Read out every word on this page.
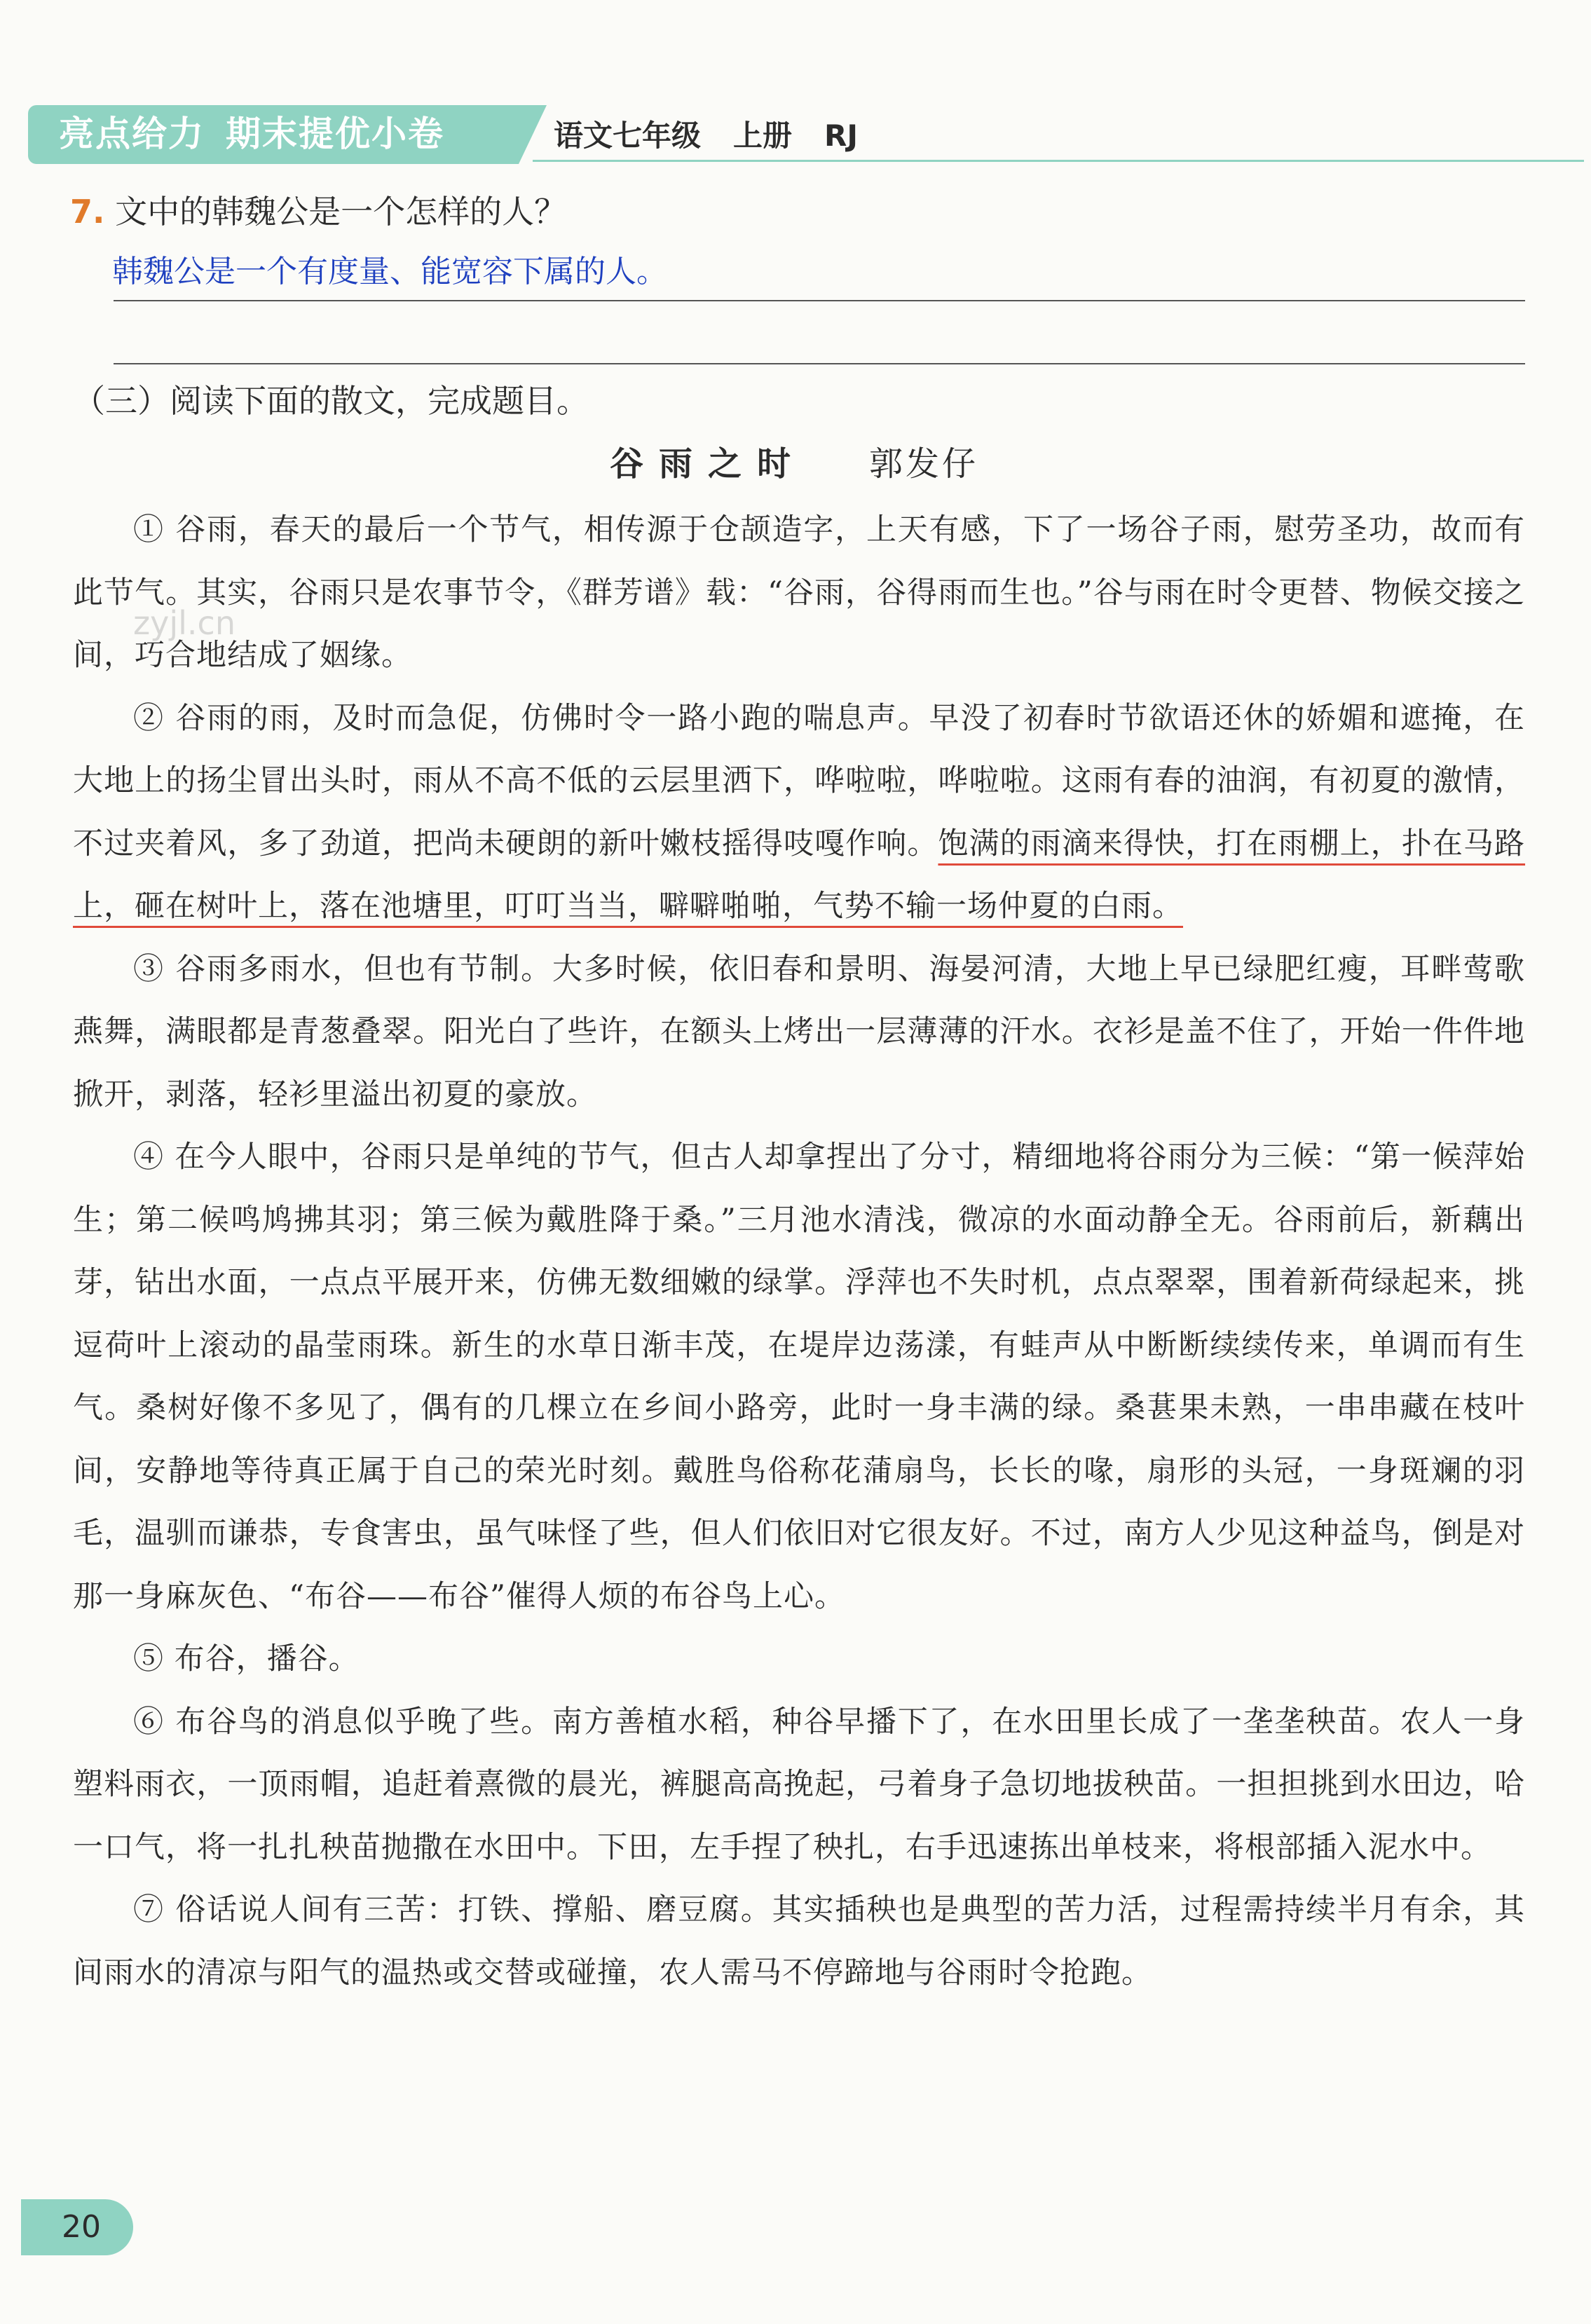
亮点给力 期末提优小卷	语文七年级 上册 RJ
7. 文中的韩魏公是一个怎样的人？
韩魏公是一个有度量、能宽容下属的人。
（三）阅读下面的散文，完成题目。
谷雨之时 郭发仔
zyjl.cn

① 谷雨，春天的最后一个节气，相传源于仓颉造字，上天有感，下了一场谷子雨，慰劳圣功，故而有此节气。其实，谷雨只是农事节令，《群芳谱》载：“谷雨，谷得雨而生也。”谷与雨在时令更替、物候交接之间，巧合地结成了姻缘。

② 谷雨的雨，及时而急促，仿佛时令一路小跑的喘息声。早没了初春时节欲语还休的娇媚和遮掩，在大地上的扬尘冒出头时，雨从不高不低的云层里洒下，哗啦啦，哗啦啦。这雨有春的油润，有初夏的激情，不过夹着风，多了劲道，把尚未硬朗的新叶嫩枝摇得吱嘎作响。饱满的雨滴来得快，打在雨棚上，扑在马路上，砸在树叶上，落在池塘里，叮叮当当，噼噼啪啪，气势不输一场仲夏的白雨。

③ 谷雨多雨水，但也有节制。大多时候，依旧春和景明、海晏河清，大地上早已绿肥红瘦，耳畔莺歌燕舞，满眼都是青葱叠翠。阳光白了些许，在额头上烤出一层薄薄的汗水。衣衫是盖不住了，开始一件件地掀开，剥落，轻衫里溢出初夏的豪放。

④ 在今人眼中，谷雨只是单纯的节气，但古人却拿捏出了分寸，精细地将谷雨分为三候：“第一候萍始生；第二候鸣鸠拂其羽；第三候为戴胜降于桑。”三月池水清浅，微凉的水面动静全无。谷雨前后，新藕出芽，钻出水面，一点点平展开来，仿佛无数细嫩的绿掌。浮萍也不失时机，点点翠翠，围着新荷绿起来，挑逗荷叶上滚动的晶莹雨珠。新生的水草日渐丰茂，在堤岸边荡漾，有蛙声从中断断续续传来，单调而有生气。桑树好像不多见了，偶有的几棵立在乡间小路旁，此时一身丰满的绿。桑葚果未熟，一串串藏在枝叶间，安静地等待真正属于自己的荣光时刻。戴胜鸟俗称花蒲扇鸟，长长的喙，扇形的头冠，一身斑斓的羽毛，温驯而谦恭，专食害虫，虽气味怪了些，但人们依旧对它很友好。不过，南方人少见这种益鸟，倒是对那一身麻灰色、“布谷——布谷”催得人烦的布谷鸟上心。

⑤ 布谷，播谷。

⑥ 布谷鸟的消息似乎晚了些。南方善植水稻，种谷早播下了，在水田里长成了一垄垄秧苗。农人一身塑料雨衣，一顶雨帽，追赶着熹微的晨光，裤腿高高挽起，弓着身子急切地拔秧苗。一担担挑到水田边，哈一口气，将一扎扎秧苗抛撒在水田中。下田，左手捏了秧扎，右手迅速拣出单枝来，将根部插入泥水中。

⑦ 俗话说人间有三苦：打铁、撑船、磨豆腐。其实插秧也是典型的苦力活，过程需持续半月有余，其间雨水的清凉与阳气的温热或交替或碰撞，农人需马不停蹄地与谷雨时令抢跑。

20
